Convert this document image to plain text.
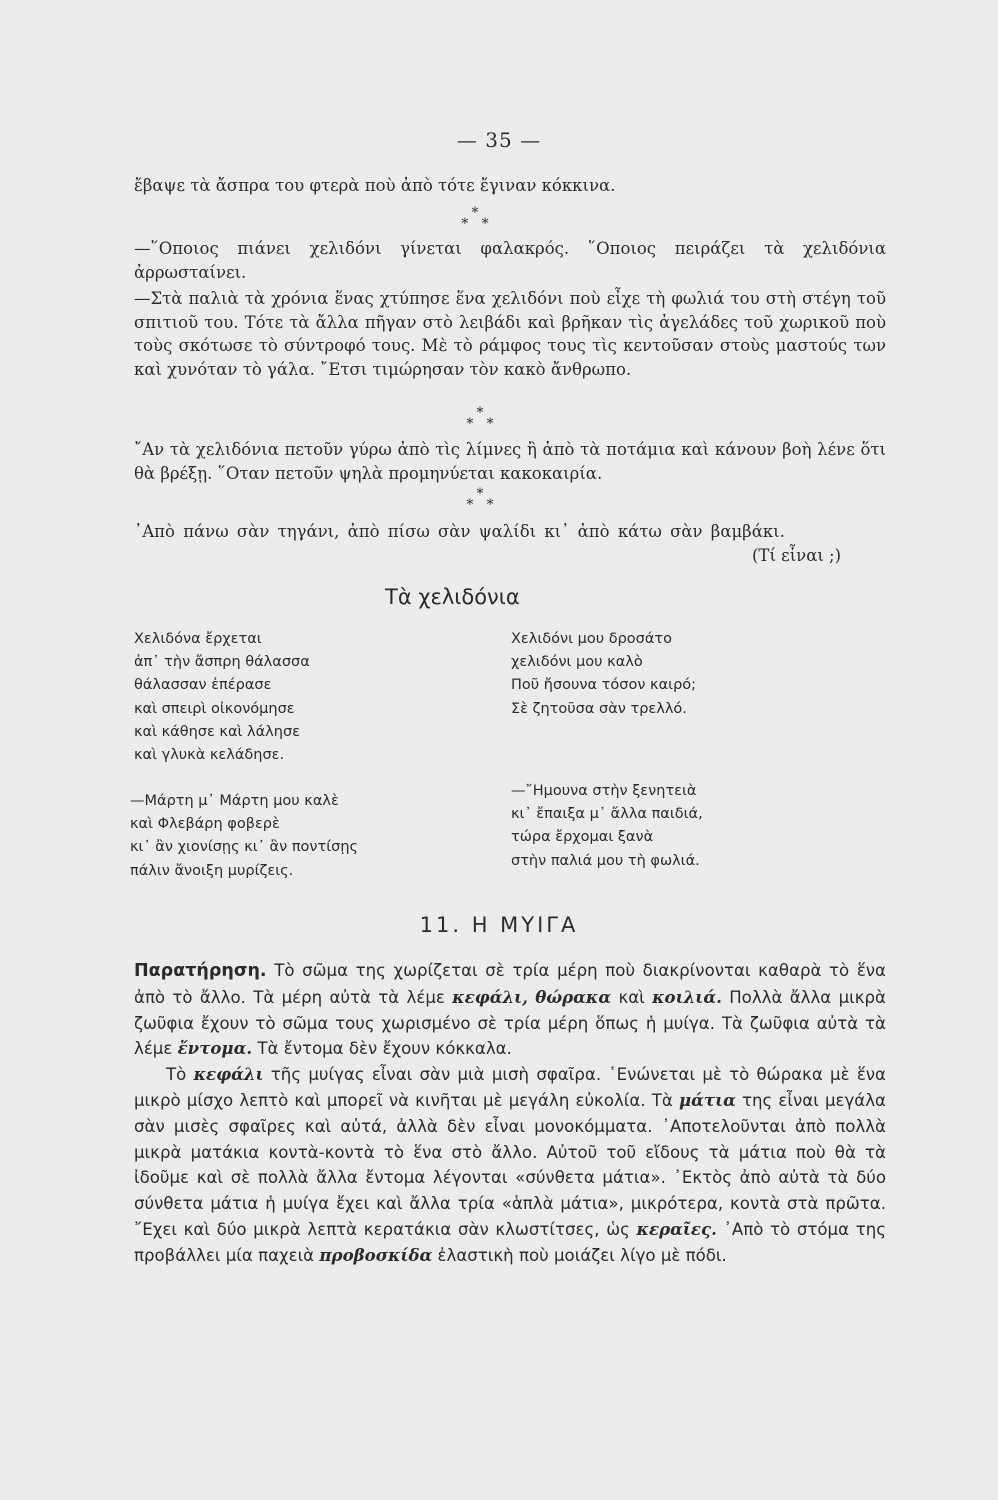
— 35 —
ἔβαψε τὰ ἄσπρα του φτερὰ ποὺ ἀπὸ τότε ἔγιναν κόκκινα.
*
* *
—῞Οποιος πιάνει χελιδόνι γίνεται φαλακρός. ῞Οποιος πειράζει τὰ χελιδόνια ἀρρωσταίνει.
—Στὰ παλιὰ τὰ χρόνια ἕνας χτύπησε ἕνα χελιδόνι ποὺ εἶχε τὴ φωλιά του στὴ στέγη τοῦ σπιτιοῦ του. Τότε τὰ ἄλλα πῆγαν στὸ λειβάδι καὶ βρῆκαν τὶς ἀγελάδες τοῦ χωρικοῦ ποὺ τοὺς σκότωσε τὸ σύντροφό τους. Μὲ τὸ ράμφος τους τὶς κεντοῦσαν στοὺς μαστούς των καὶ χυνόταν τὸ γάλα. ῎Ετσι τιμώρησαν τὸν κακὸ ἄνθρωπο.
*
* *
῎Αν τὰ χελιδόνια πετοῦν γύρω ἀπὸ τὶς λίμνες ἢ ἀπὸ τὰ ποτάμια καὶ κάνουν βοὴ λένε ὅτι θὰ βρέξῃ. ῞Οταν πετοῦν ψηλὰ προμηνύεται κακοκαιρία.
*
* *
᾿Απὸ πάνω σὰν τηγάνι, ἀπὸ πίσω σὰν ψαλίδι κι᾿ ἀπὸ κάτω σὰν βαμβάκι.
(Τί εἶναι ;)
Τὰ χελιδόνια
Χελιδόνα ἔρχεται
ἀπ᾿ τὴν ἄσπρη θάλασσα
θάλασσαν ἐπέρασε
καὶ σπειρὶ οἰκονόμησε
καὶ κάθησε καὶ λάλησε
καὶ γλυκὰ κελάδησε.
—Μάρτη μ᾿ Μάρτη μου καλὲ
καὶ Φλεβάρη φοβερὲ
κι᾿ ἂν χιονίσῃς κι᾿ ἂν ποντίσῃς
πάλιν ἄνοιξη μυρίζεις.
Χελιδόνι μου δροσάτο
χελιδόνι μου καλὸ
Ποῦ ἤσουνα τόσον καιρό;
Σὲ ζητοῦσα σὰν τρελλό.
—῎Ημουνα στὴν ξενητειὰ
κι᾿ ἔπαιξα μ᾿ ἄλλα παιδιά,
τώρα ἔρχομαι ξανὰ
στὴν παλιά μου τὴ φωλιά.
11. Η ΜΥΙΓΑ

Παρατήρηση. Τὸ σῶμα της χωρίζεται σὲ τρία μέρη ποὺ διακρίνονται καθαρὰ τὸ ἕνα ἀπὸ τὸ ἄλλο. Τὰ μέρη αὐτὰ τὰ λέμε κεφάλι, θώρακα καὶ κοιλιά. Πολλὰ ἄλλα μικρὰ ζωῦφια ἔχουν τὸ σῶμα τους χωρισμένο σὲ τρία μέρη ὅπως ἡ μυίγα. Τὰ ζωῦφια αὐτὰ τὰ λέμε ἔντομα. Τὰ ἔντομα δὲν ἔχουν κόκκαλα.

Τὸ κεφάλι τῆς μυίγας εἶναι σὰν μιὰ μισὴ σφαῖρα. ῾Ενώνεται μὲ τὸ θώρακα μὲ ἕνα μικρὸ μίσχο λεπτὸ καὶ μπορεῖ νὰ κινῆται μὲ μεγάλη εὐκολία. Τὰ μάτια της εἶναι μεγάλα σὰν μισὲς σφαῖρες καὶ αὐτά, ἀλλὰ δὲν εἶναι μονοκόμματα. ᾿Αποτελοῦνται ἀπὸ πολλὰ μικρὰ ματάκια κοντὰ-κοντὰ τὸ ἕνα στὸ ἄλλο. Αὐτοῦ τοῦ εἴδους τὰ μάτια ποὺ θὰ τὰ ἰδοῦμε καὶ σὲ πολλὰ ἄλλα ἔντομα λέγονται «σύνθετα μάτια». ᾿Εκτὸς ἀπὸ αὐτὰ τὰ δύο σύνθετα μάτια ἡ μυίγα ἔχει καὶ ἄλλα τρία «ἁπλὰ μάτια», μικρότερα, κοντὰ στὰ πρῶτα. ῎Εχει καὶ δύο μικρὰ λεπτὰ κερατάκια σὰν κλωστίτσες, ὡς κεραῖες. ᾿Απὸ τὸ στόμα της προβάλλει μία παχειὰ προβοσκίδα ἐλαστικὴ ποὺ μοιάζει λίγο μὲ πόδι.
